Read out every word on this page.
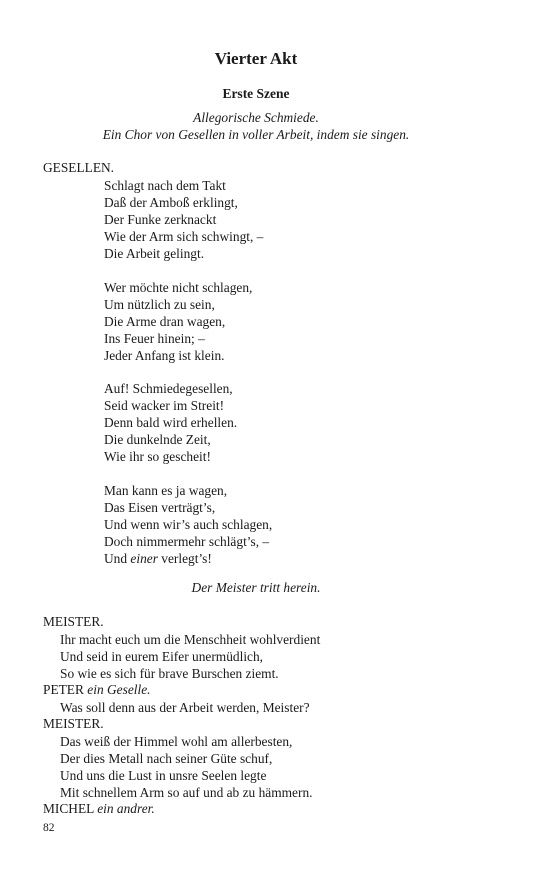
Vierter Akt
Erste Szene
Allegorische Schmiede.
Ein Chor von Gesellen in voller Arbeit, indem sie singen.
GESELLEN.
Schlagt nach dem Takt
Daß der Amboß erklingt,
Der Funke zerknackt
Wie der Arm sich schwingt, –
Die Arbeit gelingt.
Wer möchte nicht schlagen,
Um nützlich zu sein,
Die Arme dran wagen,
Ins Feuer hinein; –
Jeder Anfang ist klein.
Auf! Schmiedegesellen,
Seid wacker im Streit!
Denn bald wird erhellen.
Die dunkelnde Zeit,
Wie ihr so gescheit!
Man kann es ja wagen,
Das Eisen verträgt’s,
Und wenn wir’s auch schlagen,
Doch nimmermehr schlägt’s, –
Und einer verlegt’s!
Der Meister tritt herein.
MEISTER.
Ihr macht euch um die Menschheit wohlverdient
Und seid in eurem Eifer unermüdlich,
So wie es sich für brave Burschen ziemt.
PETER ein Geselle.
Was soll denn aus der Arbeit werden, Meister?
MEISTER.
Das weiß der Himmel wohl am allerbesten,
Der dies Metall nach seiner Güte schuf,
Und uns die Lust in unsre Seelen legte
Mit schnellem Arm so auf und ab zu hämmern.
MICHEL ein andrer.
82
